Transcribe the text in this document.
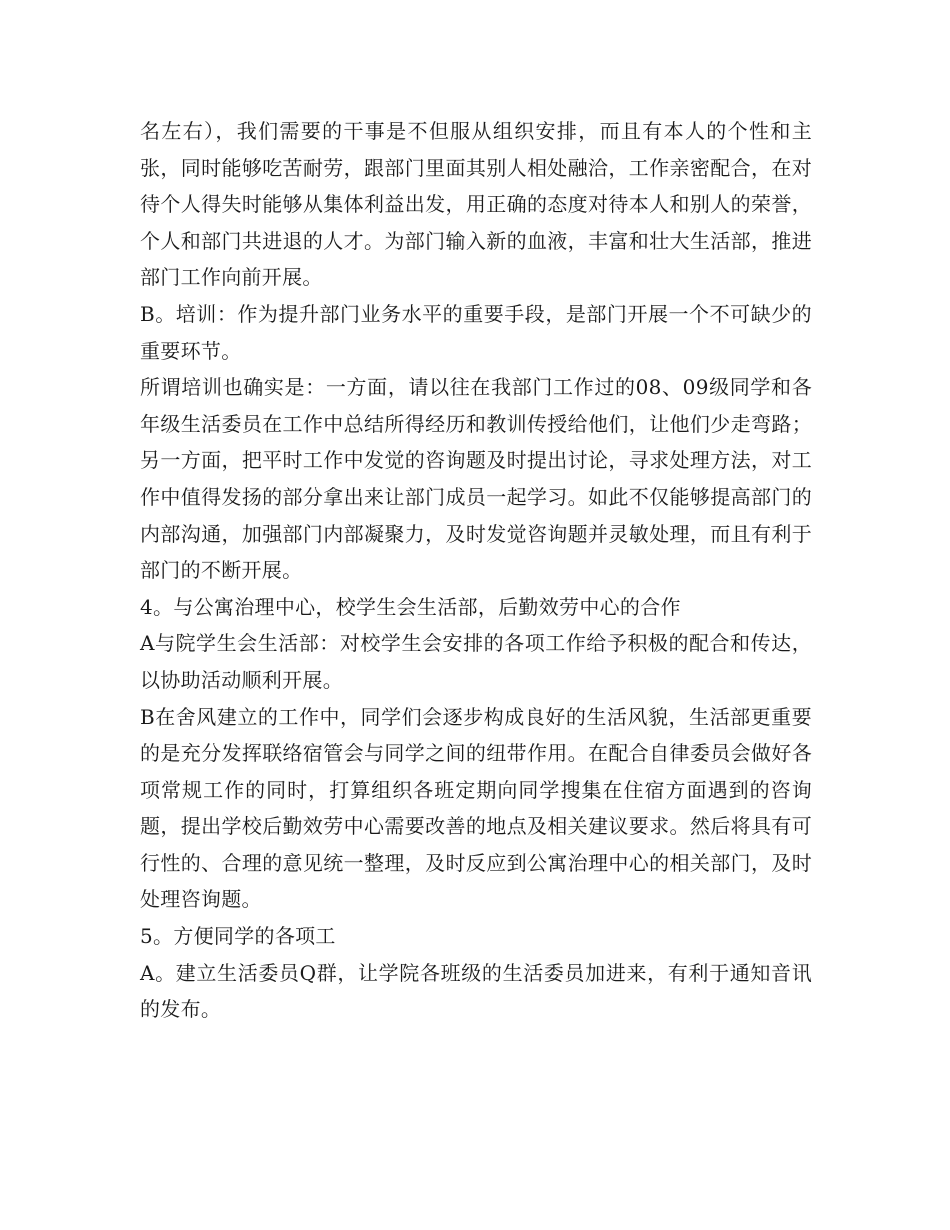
名左右），我们需要的干事是不但服从组织安排，而且有本人的个性和主张，同时能够吃苦耐劳，跟部门里面其别人相处融洽，工作亲密配合，在对待个人得失时能够从集体利益出发，用正确的态度对待本人和别人的荣誉，个人和部门共进退的人才。为部门输入新的血液，丰富和壮大生活部，推进部门工作向前开展。

B。培训：作为提升部门业务水平的重要手段，是部门开展一个不可缺少的重要环节。

所谓培训也确实是：一方面，请以往在我部门工作过的08、09级同学和各年级生活委员在工作中总结所得经历和教训传授给他们，让他们少走弯路；另一方面，把平时工作中发觉的咨询题及时提出讨论，寻求处理方法，对工作中值得发扬的部分拿出来让部门成员一起学习。如此不仅能够提高部门的内部沟通，加强部门内部凝聚力，及时发觉咨询题并灵敏处理，而且有利于部门的不断开展。

4。与公寓治理中心，校学生会生活部，后勤效劳中心的合作

A与院学生会生活部：对校学生会安排的各项工作给予积极的配合和传达，以协助活动顺利开展。

B在舍风建立的工作中，同学们会逐步构成良好的生活风貌，生活部更重要的是充分发挥联络宿管会与同学之间的纽带作用。在配合自律委员会做好各项常规工作的同时，打算组织各班定期向同学搜集在住宿方面遇到的咨询题，提出学校后勤效劳中心需要改善的地点及相关建议要求。然后将具有可行性的、合理的意见统一整理，及时反应到公寓治理中心的相关部门，及时处理咨询题。

5。方便同学的各项工

A。建立生活委员Q群，让学院各班级的生活委员加进来，有利于通知音讯的发布。
